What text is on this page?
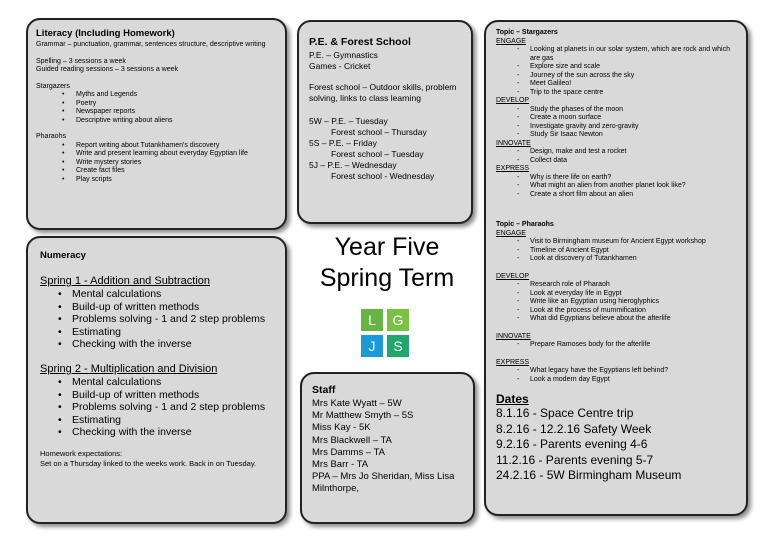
Literacy (Including Homework)
Grammar – punctuation, grammar, sentences structure, descriptive writing
Spelling – 3 sessions a week
Guided reading sessions – 3 sessions a week
Stargazers
• Myths and Legends
• Poetry
• Newspaper reports
• Descriptive writing about aliens
Pharaohs
• Report writing about Tutankhamen's discovery
• Write and present learning about everyday Egyptian life
• Write mystery stories
• Create fact files
• Play scripts
P.E. & Forest School
P.E. – Gymnastics
Games - Cricket
Forest school – Outdoor skills, problem solving, links to class learning
5W – P.E. – Tuesday
Forest school – Thursday
5S – P.E. – Friday
Forest school – Tuesday
5J – P.E. – Wednesday
Forest school - Wednesday
Numeracy
Spring 1 - Addition and Subtraction
• Mental calculations
• Build-up of written methods
• Problems solving - 1 and 2 step problems
• Estimating
• Checking with the inverse
Spring 2 - Multiplication and Division
• Mental calculations
• Build-up of written methods
• Problems solving - 1 and 2 step problems
• Estimating
• Checking with the inverse
Homework expectations:
Set on a Thursday linked to the weeks work. Back in on Tuesday.
Year Five
Spring Term
L	G
J	S
Staff
Mrs Kate Wyatt – 5W
Mr Matthew Smyth – 5S
Miss Kay - 5K
Mrs Blackwell – TA
Mrs Damms – TA
Mrs Barr - TA
PPA – Mrs Jo Sheridan, Miss Lisa Milnthorpe,
Topic – Stargazers
ENGAGE
- Looking at planets in our solar system, which are rock and which are gas
- Explore size and scale
- Journey of the sun across the sky
- Meet Galileo!
- Trip to the space centre
DEVELOP
- Study the phases of the moon
- Create a moon surface
- Investigate gravity and zero-gravity
- Study Sir Isaac Newton
INNOVATE
- Design, make and test a rocket
- Collect data
EXPRESS
- Why is there life on earth?
- What might an alien from another planet look like?
- Create a short film about an alien
Topic – Pharaohs
ENGAGE
- Visit to Birmingham museum for Ancient Egypt workshop
- Timeline of Ancient Egypt
- Look at discovery of Tutankhamen
DEVELOP
- Research role of Pharaoh
- Look at everyday life in Egypt
- Write like an Egyptian using hieroglyphics
- Look at the process of mummification
- What did Egyptians believe about the afterlife
INNOVATE
- Prepare Ramoses body for the afterlife
EXPRESS
- What legacy have the Egyptians left behind?
- Look a modern day Egypt
Dates
8.1.16 - Space Centre trip
8.2.16 - 12.2.16 Safety Week
9.2.16 - Parents evening 4-6
11.2.16 - Parents evening 5-7
24.2.16 - 5W Birmingham Museum
